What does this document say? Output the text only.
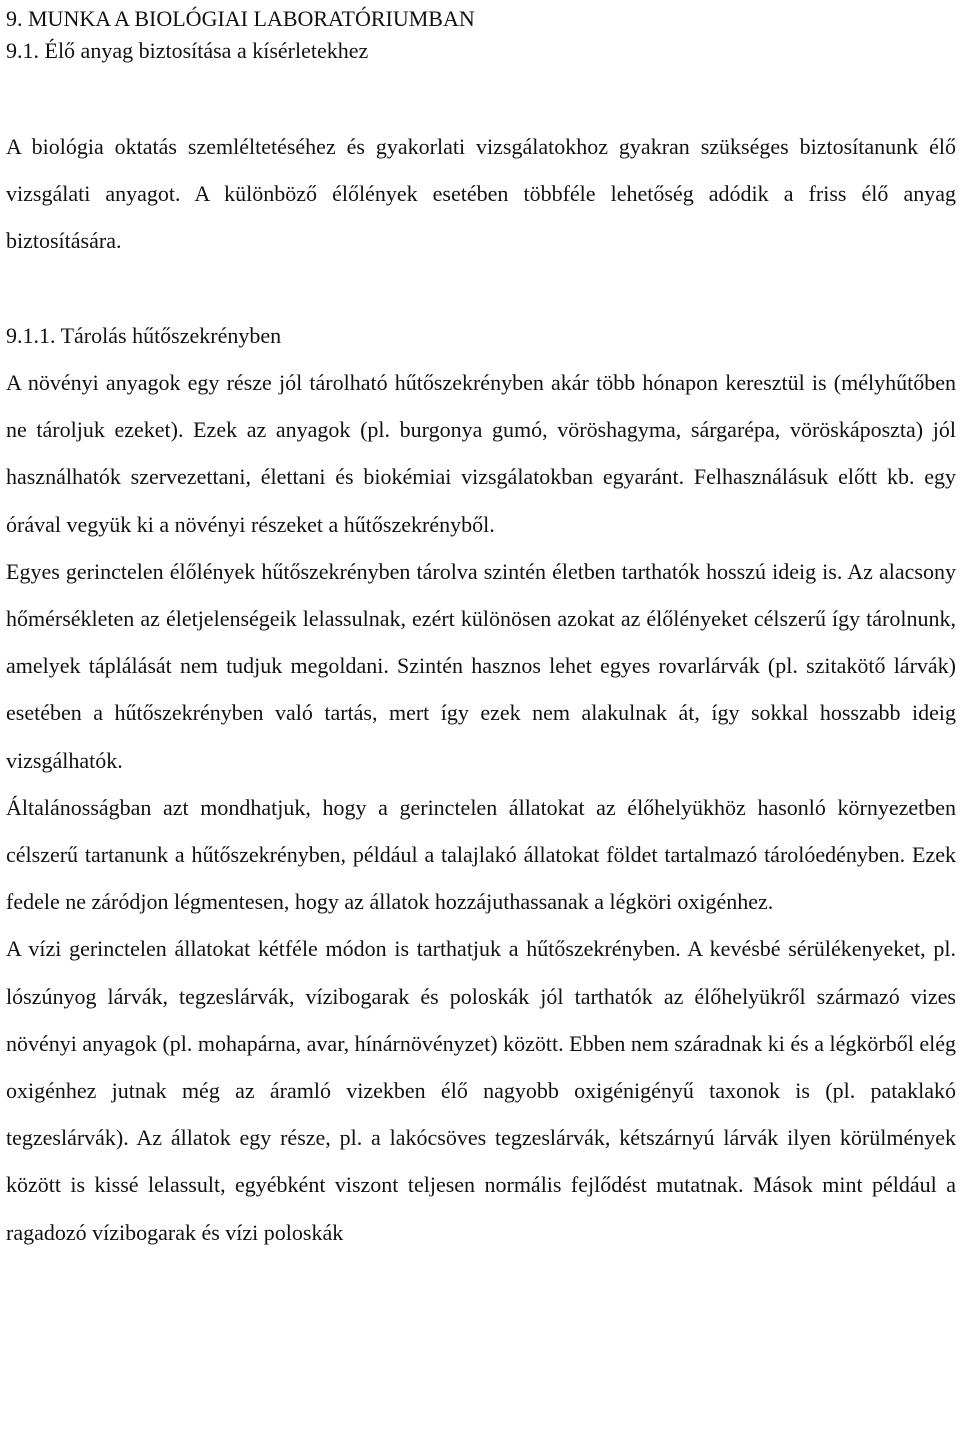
9. MUNKA A BIOLÓGIAI LABORATÓRIUMBAN
9.1. Élő anyag biztosítása a kísérletekhez

A biológia oktatás szemléltetéséhez és gyakorlati vizsgálatokhoz gyakran szükséges biztosítanunk élő vizsgálati anyagot. A különböző élőlények esetében többféle lehetőség adódik a friss élő anyag biztosítására.

9.1.1. Tárolás hűtőszekrényben

A növényi anyagok egy része jól tárolható hűtőszekrényben akár több hónapon keresztül is (mélyhűtőben ne tároljuk ezeket). Ezek az anyagok (pl. burgonya gumó, vöröshagyma, sárgarépa, vöröskáposzta) jól használhatók szervezettani, élettani és biokémiai vizsgálatokban egyaránt. Felhasználásuk előtt kb. egy órával vegyük ki a növényi részeket a hűtőszekrényből.

Egyes gerinctelen élőlények hűtőszekrényben tárolva szintén életben tarthatók hosszú ideig is. Az alacsony hőmérsékleten az életjelenségeik lelassulnak, ezért különösen azokat az élőlényeket célszerű így tárolnunk, amelyek táplálását nem tudjuk megoldani. Szintén hasznos lehet egyes rovarlárvák (pl. szitakötő lárvák) esetében a hűtőszekrényben való tartás, mert így ezek nem alakulnak át, így sokkal hosszabb ideig vizsgálhatók.

Általánosságban azt mondhatjuk, hogy a gerinctelen állatokat az élőhelyükhöz hasonló környezetben célszerű tartanunk a hűtőszekrényben, például a talajlakó állatokat földet tartalmazó tárolóedényben. Ezek fedele ne záródjon légmentesen, hogy az állatok hozzájuthassanak a légköri oxigénhez.

A vízi gerinctelen állatokat kétféle módon is tarthatjuk a hűtőszekrényben. A kevésbé sérülékenyeket, pl. lószúnyog lárvák, tegzeslárvák, vízibogarak és poloskák jól tarthatók az élőhelyükről származó vizes növényi anyagok (pl. mohapárna, avar, hínárnövényzet) között. Ebben nem száradnak ki és a légkörből elég oxigénhez jutnak még az áramló vizekben élő nagyobb oxigénigényű taxonok is (pl. pataklakó tegzeslárvák). Az állatok egy része, pl. a lakócsöves tegzeslárvák, kétszárnyú lárvák ilyen körülmények között is kissé lelassult, egyébként viszont teljesen normális fejlődést mutatnak. Mások mint például a ragadozó vízibogarak és vízi poloskák
